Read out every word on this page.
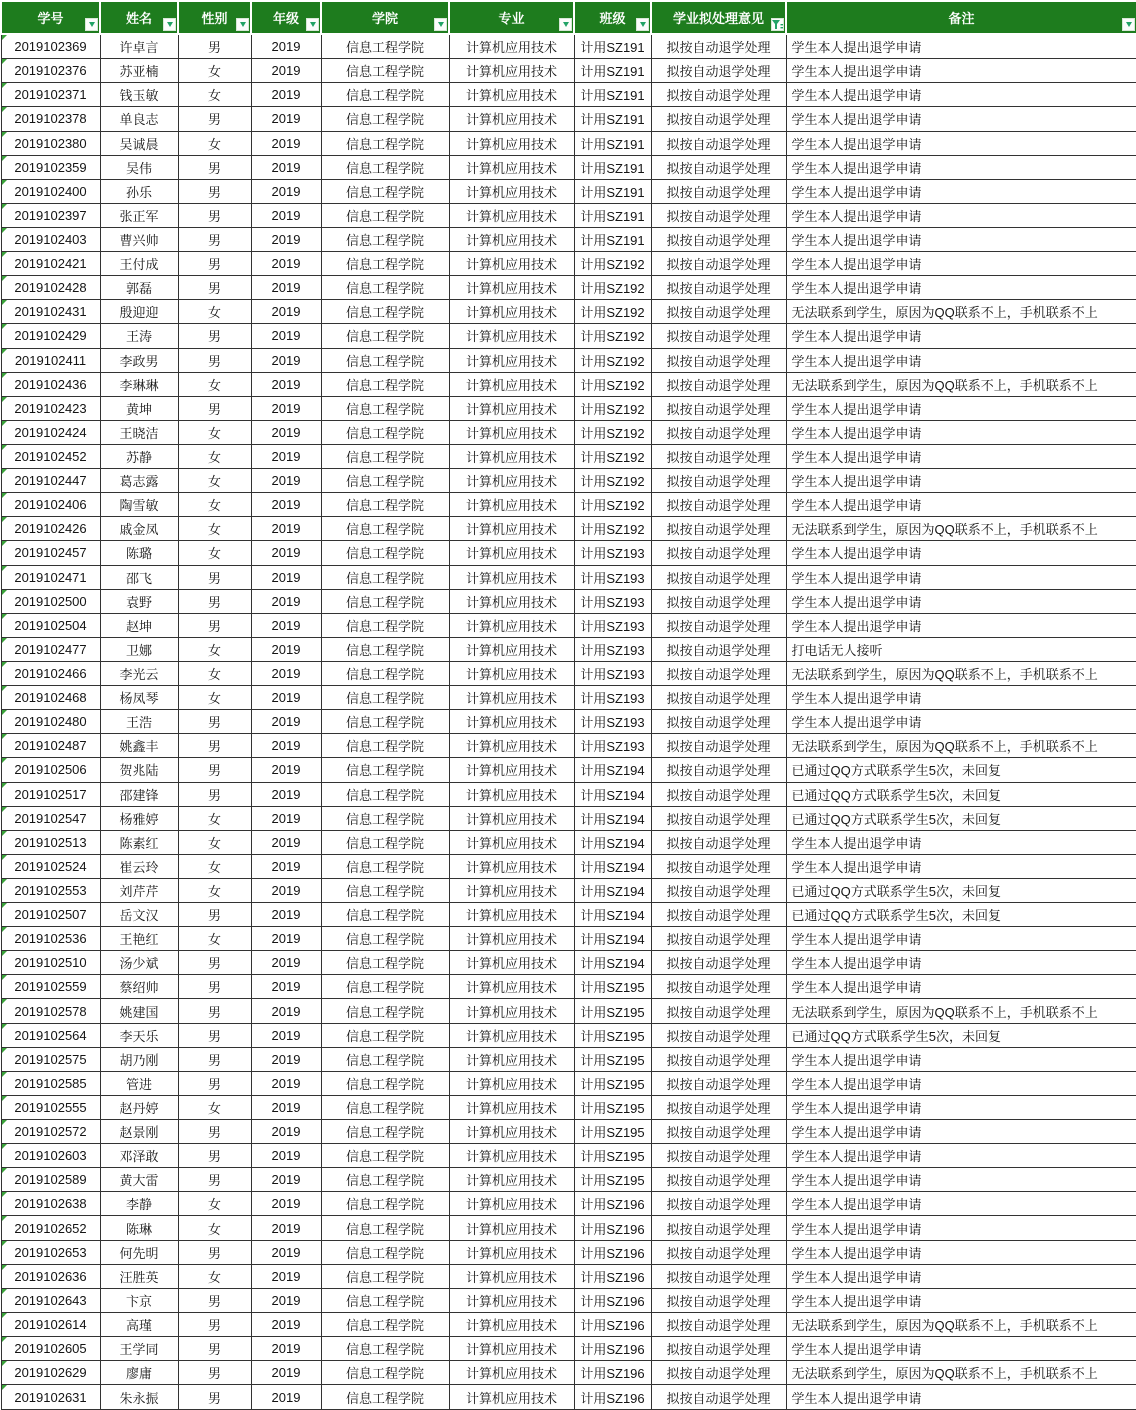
学号	姓名	性别	年级	学院	专业	班级	学业拟处理意见	备注

2019102369	许卓言	男	2019	信息工程学院	计算机应用技术	计用SZ191	拟按自动退学处理	学生本人提出退学申请

2019102376	苏亚楠	女	2019	信息工程学院	计算机应用技术	计用SZ191	拟按自动退学处理	学生本人提出退学申请

2019102371	钱玉敏	女	2019	信息工程学院	计算机应用技术	计用SZ191	拟按自动退学处理	学生本人提出退学申请

2019102378	单良志	男	2019	信息工程学院	计算机应用技术	计用SZ191	拟按自动退学处理	学生本人提出退学申请

2019102380	吴诚晨	女	2019	信息工程学院	计算机应用技术	计用SZ191	拟按自动退学处理	学生本人提出退学申请

2019102359	吴伟	男	2019	信息工程学院	计算机应用技术	计用SZ191	拟按自动退学处理	学生本人提出退学申请

2019102400	孙乐	男	2019	信息工程学院	计算机应用技术	计用SZ191	拟按自动退学处理	学生本人提出退学申请

2019102397	张正军	男	2019	信息工程学院	计算机应用技术	计用SZ191	拟按自动退学处理	学生本人提出退学申请

2019102403	曹兴帅	男	2019	信息工程学院	计算机应用技术	计用SZ191	拟按自动退学处理	学生本人提出退学申请

2019102421	王付成	男	2019	信息工程学院	计算机应用技术	计用SZ192	拟按自动退学处理	学生本人提出退学申请

2019102428	郭磊	男	2019	信息工程学院	计算机应用技术	计用SZ192	拟按自动退学处理	学生本人提出退学申请

2019102431	殷迎迎	女	2019	信息工程学院	计算机应用技术	计用SZ192	拟按自动退学处理	无法联系到学生，原因为QQ联系不上，手机联系不上

2019102429	王涛	男	2019	信息工程学院	计算机应用技术	计用SZ192	拟按自动退学处理	学生本人提出退学申请

2019102411	李政男	男	2019	信息工程学院	计算机应用技术	计用SZ192	拟按自动退学处理	学生本人提出退学申请

2019102436	李琳琳	女	2019	信息工程学院	计算机应用技术	计用SZ192	拟按自动退学处理	无法联系到学生，原因为QQ联系不上，手机联系不上

2019102423	黄坤	男	2019	信息工程学院	计算机应用技术	计用SZ192	拟按自动退学处理	学生本人提出退学申请

2019102424	王晓洁	女	2019	信息工程学院	计算机应用技术	计用SZ192	拟按自动退学处理	学生本人提出退学申请

2019102452	苏静	女	2019	信息工程学院	计算机应用技术	计用SZ192	拟按自动退学处理	学生本人提出退学申请

2019102447	葛志露	女	2019	信息工程学院	计算机应用技术	计用SZ192	拟按自动退学处理	学生本人提出退学申请

2019102406	陶雪敏	女	2019	信息工程学院	计算机应用技术	计用SZ192	拟按自动退学处理	学生本人提出退学申请

2019102426	戚金凤	女	2019	信息工程学院	计算机应用技术	计用SZ192	拟按自动退学处理	无法联系到学生，原因为QQ联系不上，手机联系不上

2019102457	陈璐	女	2019	信息工程学院	计算机应用技术	计用SZ193	拟按自动退学处理	学生本人提出退学申请

2019102471	邵飞	男	2019	信息工程学院	计算机应用技术	计用SZ193	拟按自动退学处理	学生本人提出退学申请

2019102500	袁野	男	2019	信息工程学院	计算机应用技术	计用SZ193	拟按自动退学处理	学生本人提出退学申请

2019102504	赵坤	男	2019	信息工程学院	计算机应用技术	计用SZ193	拟按自动退学处理	学生本人提出退学申请

2019102477	卫娜	女	2019	信息工程学院	计算机应用技术	计用SZ193	拟按自动退学处理	打电话无人接听

2019102466	李光云	女	2019	信息工程学院	计算机应用技术	计用SZ193	拟按自动退学处理	无法联系到学生，原因为QQ联系不上，手机联系不上

2019102468	杨凤琴	女	2019	信息工程学院	计算机应用技术	计用SZ193	拟按自动退学处理	学生本人提出退学申请

2019102480	王浩	男	2019	信息工程学院	计算机应用技术	计用SZ193	拟按自动退学处理	学生本人提出退学申请

2019102487	姚鑫丰	男	2019	信息工程学院	计算机应用技术	计用SZ193	拟按自动退学处理	无法联系到学生，原因为QQ联系不上，手机联系不上

2019102506	贺兆陆	男	2019	信息工程学院	计算机应用技术	计用SZ194	拟按自动退学处理	已通过QQ方式联系学生5次，未回复

2019102517	邵建锋	男	2019	信息工程学院	计算机应用技术	计用SZ194	拟按自动退学处理	已通过QQ方式联系学生5次，未回复

2019102547	杨雅婷	女	2019	信息工程学院	计算机应用技术	计用SZ194	拟按自动退学处理	已通过QQ方式联系学生5次，未回复

2019102513	陈素红	女	2019	信息工程学院	计算机应用技术	计用SZ194	拟按自动退学处理	学生本人提出退学申请

2019102524	崔云玲	女	2019	信息工程学院	计算机应用技术	计用SZ194	拟按自动退学处理	学生本人提出退学申请

2019102553	刘芹芹	女	2019	信息工程学院	计算机应用技术	计用SZ194	拟按自动退学处理	已通过QQ方式联系学生5次，未回复

2019102507	岳文汉	男	2019	信息工程学院	计算机应用技术	计用SZ194	拟按自动退学处理	已通过QQ方式联系学生5次，未回复

2019102536	王艳红	女	2019	信息工程学院	计算机应用技术	计用SZ194	拟按自动退学处理	学生本人提出退学申请

2019102510	汤少斌	男	2019	信息工程学院	计算机应用技术	计用SZ194	拟按自动退学处理	学生本人提出退学申请

2019102559	蔡绍帅	男	2019	信息工程学院	计算机应用技术	计用SZ195	拟按自动退学处理	学生本人提出退学申请

2019102578	姚建国	男	2019	信息工程学院	计算机应用技术	计用SZ195	拟按自动退学处理	无法联系到学生，原因为QQ联系不上，手机联系不上

2019102564	李天乐	男	2019	信息工程学院	计算机应用技术	计用SZ195	拟按自动退学处理	已通过QQ方式联系学生5次，未回复

2019102575	胡乃刚	男	2019	信息工程学院	计算机应用技术	计用SZ195	拟按自动退学处理	学生本人提出退学申请

2019102585	管进	男	2019	信息工程学院	计算机应用技术	计用SZ195	拟按自动退学处理	学生本人提出退学申请

2019102555	赵丹婷	女	2019	信息工程学院	计算机应用技术	计用SZ195	拟按自动退学处理	学生本人提出退学申请

2019102572	赵景刚	男	2019	信息工程学院	计算机应用技术	计用SZ195	拟按自动退学处理	学生本人提出退学申请

2019102603	邓泽敢	男	2019	信息工程学院	计算机应用技术	计用SZ195	拟按自动退学处理	学生本人提出退学申请

2019102589	黄大雷	男	2019	信息工程学院	计算机应用技术	计用SZ195	拟按自动退学处理	学生本人提出退学申请

2019102638	李静	女	2019	信息工程学院	计算机应用技术	计用SZ196	拟按自动退学处理	学生本人提出退学申请

2019102652	陈琳	女	2019	信息工程学院	计算机应用技术	计用SZ196	拟按自动退学处理	学生本人提出退学申请

2019102653	何先明	男	2019	信息工程学院	计算机应用技术	计用SZ196	拟按自动退学处理	学生本人提出退学申请

2019102636	汪胜英	女	2019	信息工程学院	计算机应用技术	计用SZ196	拟按自动退学处理	学生本人提出退学申请

2019102643	卞京	男	2019	信息工程学院	计算机应用技术	计用SZ196	拟按自动退学处理	学生本人提出退学申请

2019102614	高瑾	男	2019	信息工程学院	计算机应用技术	计用SZ196	拟按自动退学处理	无法联系到学生，原因为QQ联系不上，手机联系不上

2019102605	王学同	男	2019	信息工程学院	计算机应用技术	计用SZ196	拟按自动退学处理	学生本人提出退学申请

2019102629	廖庸	男	2019	信息工程学院	计算机应用技术	计用SZ196	拟按自动退学处理	无法联系到学生，原因为QQ联系不上，手机联系不上

2019102631	朱永振	男	2019	信息工程学院	计算机应用技术	计用SZ196	拟按自动退学处理	学生本人提出退学申请
